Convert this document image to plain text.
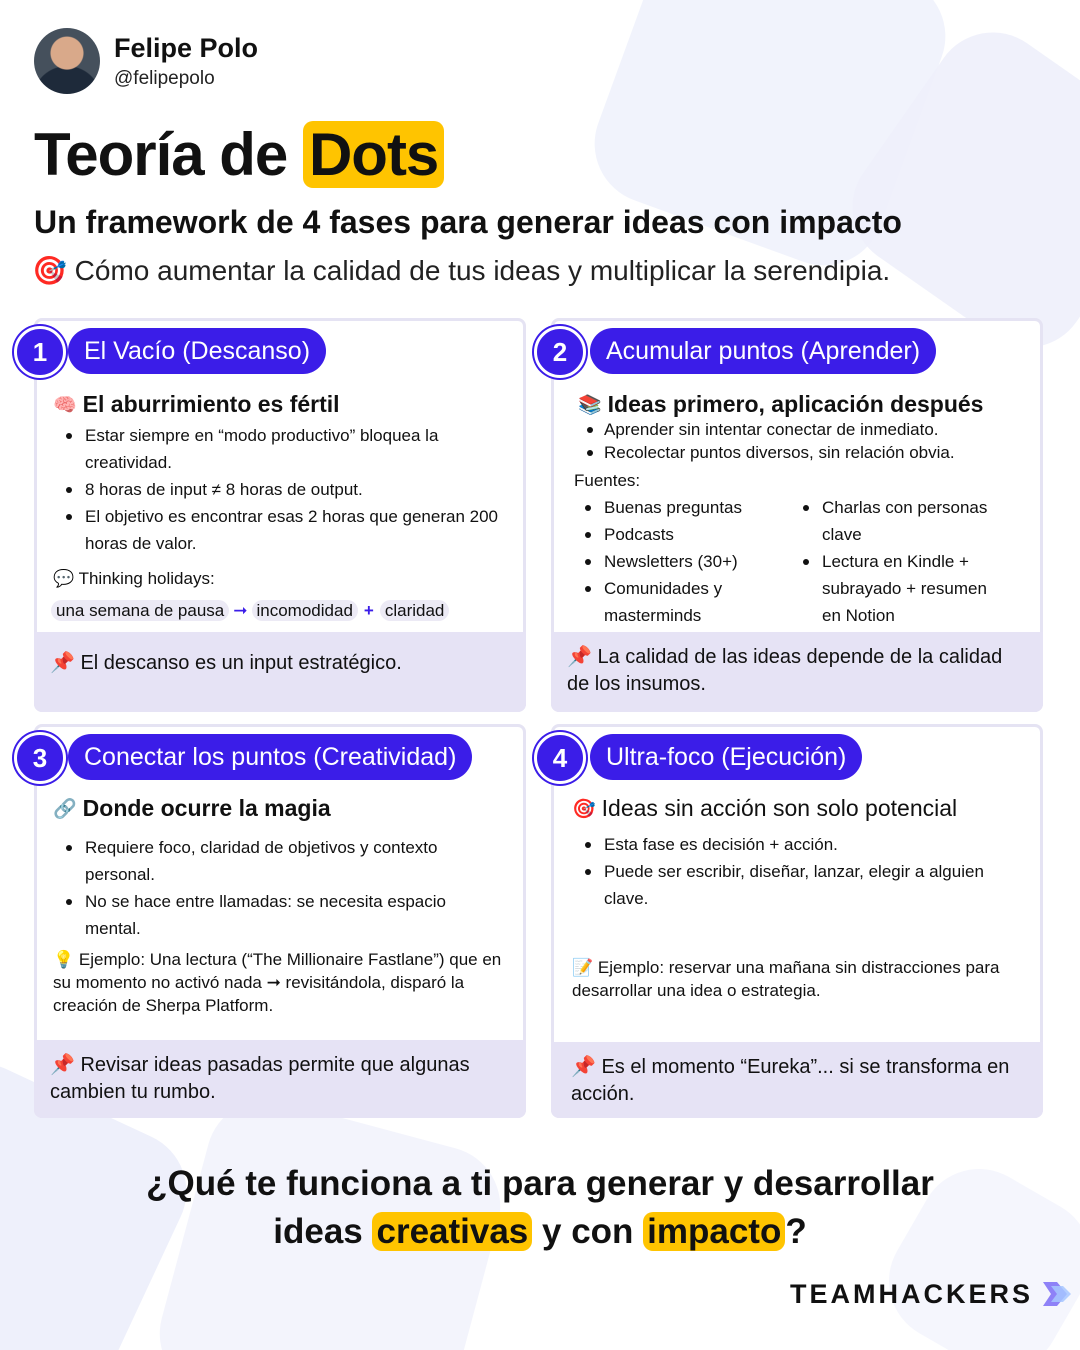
Felipe Polo
@felipepolo
Teoría de Dots
Un framework de 4 fases para generar ideas con impacto
🎯 Cómo aumentar la calidad de tus ideas y multiplicar la serendipia.
🧠 El aburrimiento es fértil
Estar siempre en “modo productivo” bloquea la creatividad.
8 horas de input ≠ 8 horas de output.
El objetivo es encontrar esas 2 horas que generan 200 horas de valor.
💬 Thinking holidays:
una semana de pausa ➞ incomodidad + claridad
📌 El descanso es un input estratégico.
📚 Ideas primero, aplicación después
Aprender sin intentar conectar de inmediato.
Recolectar puntos diversos, sin relación obvia.
Fuentes:
Buenas preguntas
Podcasts
Newsletters (30+)
Comunidades y masterminds
Charlas con personas clave
Lectura en Kindle + subrayado + resumen en Notion
📌 La calidad de las ideas depende de la calidad de los insumos.
🔗 Donde ocurre la magia
Requiere foco, claridad de objetivos y contexto personal.
No se hace entre llamadas: se necesita espacio mental.
💡 Ejemplo: Una lectura (“The Millionaire Fastlane”) que en su momento no activó nada ➞ revisitándola, disparó la creación de Sherpa Platform.
📌 Revisar ideas pasadas permite que algunas cambien tu rumbo.
🎯 Ideas sin acción son solo potencial
Esta fase es decisión + acción.
Puede ser escribir, diseñar, lanzar, elegir a alguien clave.
📝 Ejemplo: reservar una mañana sin distracciones para desarrollar una idea o estrategia.
📌 Es el momento “Eureka”... si se transforma en acción.
1	El Vacío (Descanso)	2	Acumular puntos (Aprender)
3	Conectar los puntos (Creatividad)	4	Ultra-foco (Ejecución)
¿Qué te funciona a ti para generar y desarrollar
ideas creativas y con impacto ?
TEAMHACKERS
